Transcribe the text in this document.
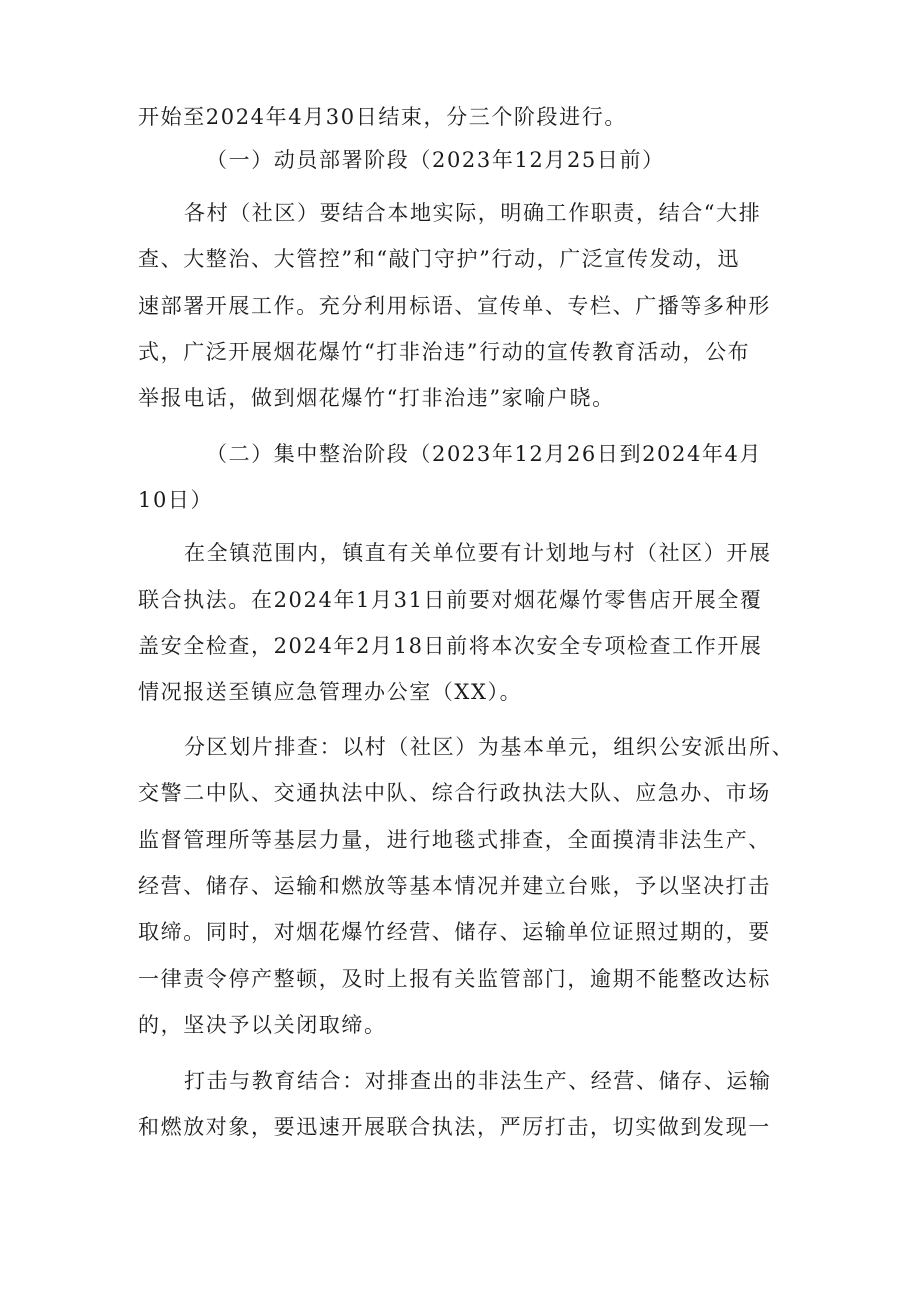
开始至2024年4月30日结束，分三个阶段进行。
（一）动员部署阶段（2023年12月25日前）
各村（社区）要结合本地实际，明确工作职责，结合“大排
查、大整治、大管控”和“敲门守护”行动，广泛宣传发动，迅
速部署开展工作。充分利用标语、宣传单、专栏、广播等多种形
式，广泛开展烟花爆竹“打非治违”行动的宣传教育活动，公布
举报电话，做到烟花爆竹“打非治违”家喻户晓。
（二）集中整治阶段（2023年12月26日到2024年4月
10日）
在全镇范围内，镇直有关单位要有计划地与村（社区）开展
联合执法。在2024年1月31日前要对烟花爆竹零售店开展全覆
盖安全检查，2024年2月18日前将本次安全专项检查工作开展
情况报送至镇应急管理办公室（XX）。
分区划片排查：以村（社区）为基本单元，组织公安派出所、
交警二中队、交通执法中队、综合行政执法大队、应急办、市场
监督管理所等基层力量，进行地毯式排查，全面摸清非法生产、
经营、储存、运输和燃放等基本情况并建立台账，予以坚决打击
取缔。同时，对烟花爆竹经营、储存、运输单位证照过期的，要
一律责令停产整顿，及时上报有关监管部门，逾期不能整改达标
的，坚决予以关闭取缔。
打击与教育结合：对排查出的非法生产、经营、储存、运输
和燃放对象，要迅速开展联合执法，严厉打击，切实做到发现一
